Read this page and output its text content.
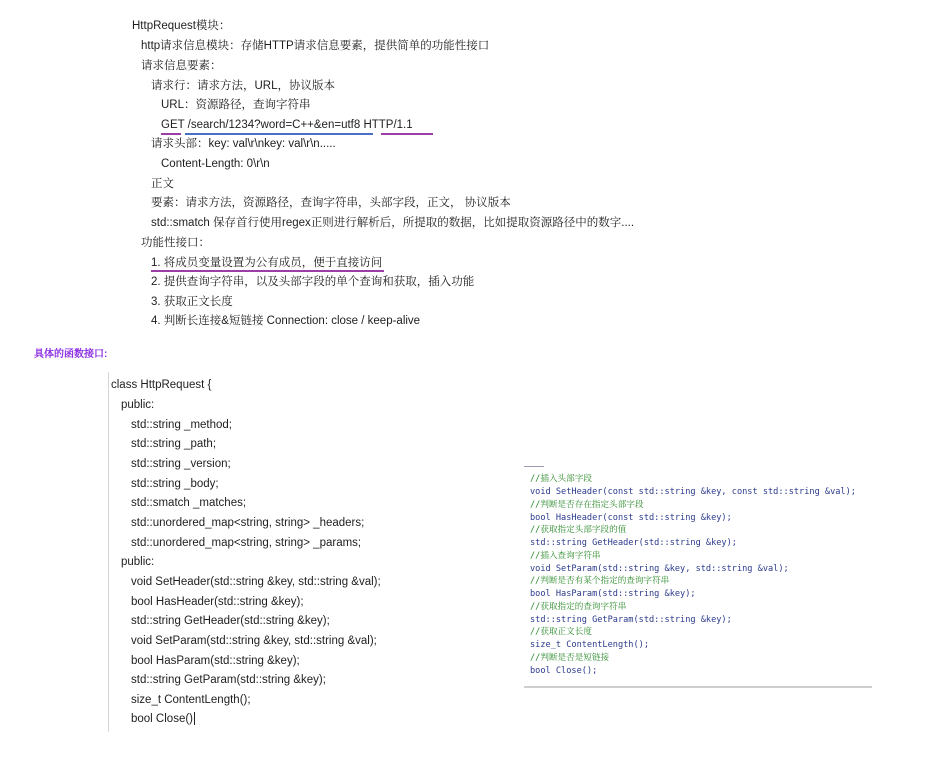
HttpRequest模块：
http请求信息模块：存储HTTP请求信息要素，提供简单的功能性接口
请求信息要素：
请求行：请求方法，URL，协议版本
URL：资源路径，查询字符串
GET /search/1234?word=C++&en=utf8 HTTP/1.1
请求头部：key: val\r\nkey: val\r\n.....
Content-Length: 0\r\n
正文
要素：请求方法，资源路径，查询字符串，头部字段，正文， 协议版本
std::smatch 保存首行使用regex正则进行解析后，所提取的数据，比如提取资源路径中的数字....
功能性接口：
1. 将成员变量设置为公有成员，便于直接访问
2. 提供查询字符串，以及头部字段的单个查询和获取，插入功能
3. 获取正文长度
4. 判断长连接&短链接 Connection: close / keep-alive
具体的函数接口:
class HttpRequest {
public:
std::string _method;
std::string _path;
std::string _version;
std::string _body;
std::smatch _matches;
std::unordered_map<string, string> _headers;
std::unordered_map<string, string> _params;
public:
void SetHeader(std::string &key, std::string &val);
bool HasHeader(std::string &key);
std::string GetHeader(std::string &key);
void SetParam(std::string &key, std::string &val);
bool HasParam(std::string &key);
std::string GetParam(std::string &key);
size_t ContentLength();
bool Close()
//插入头部字段
void SetHeader(const std::string &key, const std::string &val);
//判断是否存在指定头部字段
bool HasHeader(const std::string &key);
//获取指定头部字段的值
std::string GetHeader(std::string &key);
//插入查询字符串
void SetParam(std::string &key, std::string &val);
//判断是否有某个指定的查询字符串
bool HasParam(std::string &key);
//获取指定的查询字符串
std::string GetParam(std::string &key);
//获取正文长度
size_t ContentLength();
//判断是否是短链接
bool Close();
